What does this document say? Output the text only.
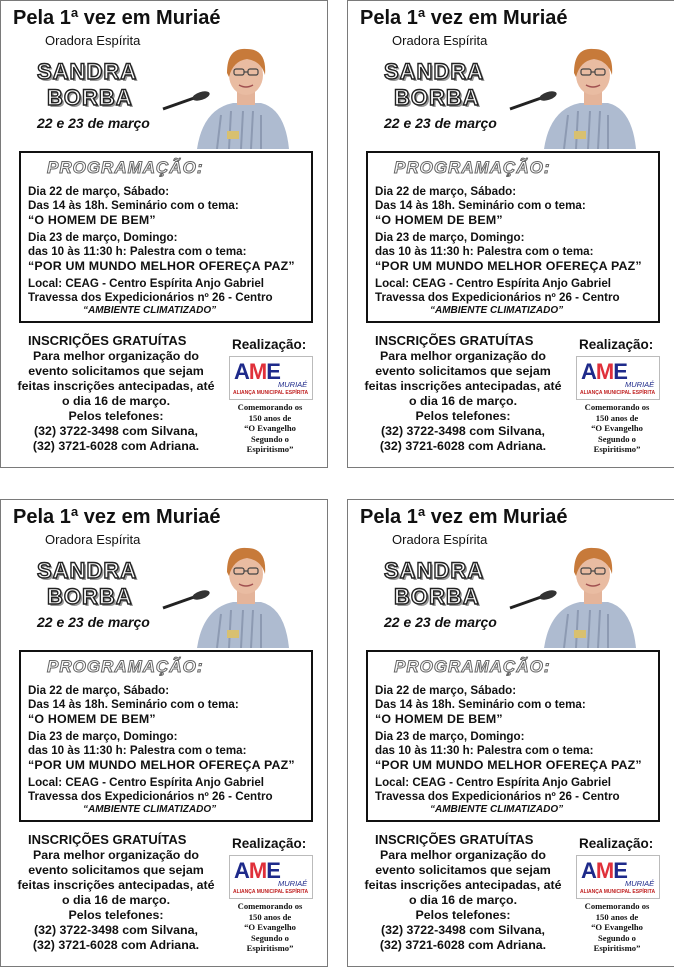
Pela 1ª vez em Muriaé
Oradora Espírita
SANDRA
BORBA
22 e 23 de março
PROGRAMAÇÃO:
Dia 22 de março, Sábado:
Das 14 às 18h. Seminário com o tema:
“O HOMEM DE BEM”
Dia 23 de março, Domingo:
das 10 às 11:30 h: Palestra com o tema:
“POR UM MUNDO MELHOR OFEREÇA PAZ”
Local: CEAG - Centro Espírita Anjo Gabriel
Travessa dos Expedicionários nº 26 - Centro
“AMBIENTE CLIMATIZADO”
INSCRIÇÕES GRATUÍTAS
Para melhor organização do
evento solicitamos que sejam
feitas inscrições antecipadas, até
o dia 16 de março.
Pelos telefones:
(32) 3722-3498 com Silvana,
(32) 3721-6028 com Adriana.
Realização:
AME
MURIAÉ
ALIANÇA MUNICIPAL ESPÍRITA
Comemorando os
150 anos de
“O Evangelho
Segundo o
Espiritismo”
Pela 1ª vez em Muriaé
Oradora Espírita
SANDRA
BORBA
22 e 23 de março
PROGRAMAÇÃO:
Dia 22 de março, Sábado:
Das 14 às 18h. Seminário com o tema:
“O HOMEM DE BEM”
Dia 23 de março, Domingo:
das 10 às 11:30 h: Palestra com o tema:
“POR UM MUNDO MELHOR OFEREÇA PAZ”
Local: CEAG - Centro Espírita Anjo Gabriel
Travessa dos Expedicionários nº 26 - Centro
“AMBIENTE CLIMATIZADO”
INSCRIÇÕES GRATUÍTAS
Para melhor organização do
evento solicitamos que sejam
feitas inscrições antecipadas, até
o dia 16 de março.
Pelos telefones:
(32) 3722-3498 com Silvana,
(32) 3721-6028 com Adriana.
Realização:
AME
MURIAÉ
ALIANÇA MUNICIPAL ESPÍRITA
Comemorando os
150 anos de
“O Evangelho
Segundo o
Espiritismo”
Pela 1ª vez em Muriaé
Oradora Espírita
SANDRA
BORBA
22 e 23 de março
PROGRAMAÇÃO:
Dia 22 de março, Sábado:
Das 14 às 18h. Seminário com o tema:
“O HOMEM DE BEM”
Dia 23 de março, Domingo:
das 10 às 11:30 h: Palestra com o tema:
“POR UM MUNDO MELHOR OFEREÇA PAZ”
Local: CEAG - Centro Espírita Anjo Gabriel
Travessa dos Expedicionários nº 26 - Centro
“AMBIENTE CLIMATIZADO”
INSCRIÇÕES GRATUÍTAS
Para melhor organização do
evento solicitamos que sejam
feitas inscrições antecipadas, até
o dia 16 de março.
Pelos telefones:
(32) 3722-3498 com Silvana,
(32) 3721-6028 com Adriana.
Realização:
AME
MURIAÉ
ALIANÇA MUNICIPAL ESPÍRITA
Comemorando os
150 anos de
“O Evangelho
Segundo o
Espiritismo”
Pela 1ª vez em Muriaé
Oradora Espírita
SANDRA
BORBA
22 e 23 de março
PROGRAMAÇÃO:
Dia 22 de março, Sábado:
Das 14 às 18h. Seminário com o tema:
“O HOMEM DE BEM”
Dia 23 de março, Domingo:
das 10 às 11:30 h: Palestra com o tema:
“POR UM MUNDO MELHOR OFEREÇA PAZ”
Local: CEAG - Centro Espírita Anjo Gabriel
Travessa dos Expedicionários nº 26 - Centro
“AMBIENTE CLIMATIZADO”
INSCRIÇÕES GRATUÍTAS
Para melhor organização do
evento solicitamos que sejam
feitas inscrições antecipadas, até
o dia 16 de março.
Pelos telefones:
(32) 3722-3498 com Silvana,
(32) 3721-6028 com Adriana.
Realização:
AME
MURIAÉ
ALIANÇA MUNICIPAL ESPÍRITA
Comemorando os
150 anos de
“O Evangelho
Segundo o
Espiritismo”
